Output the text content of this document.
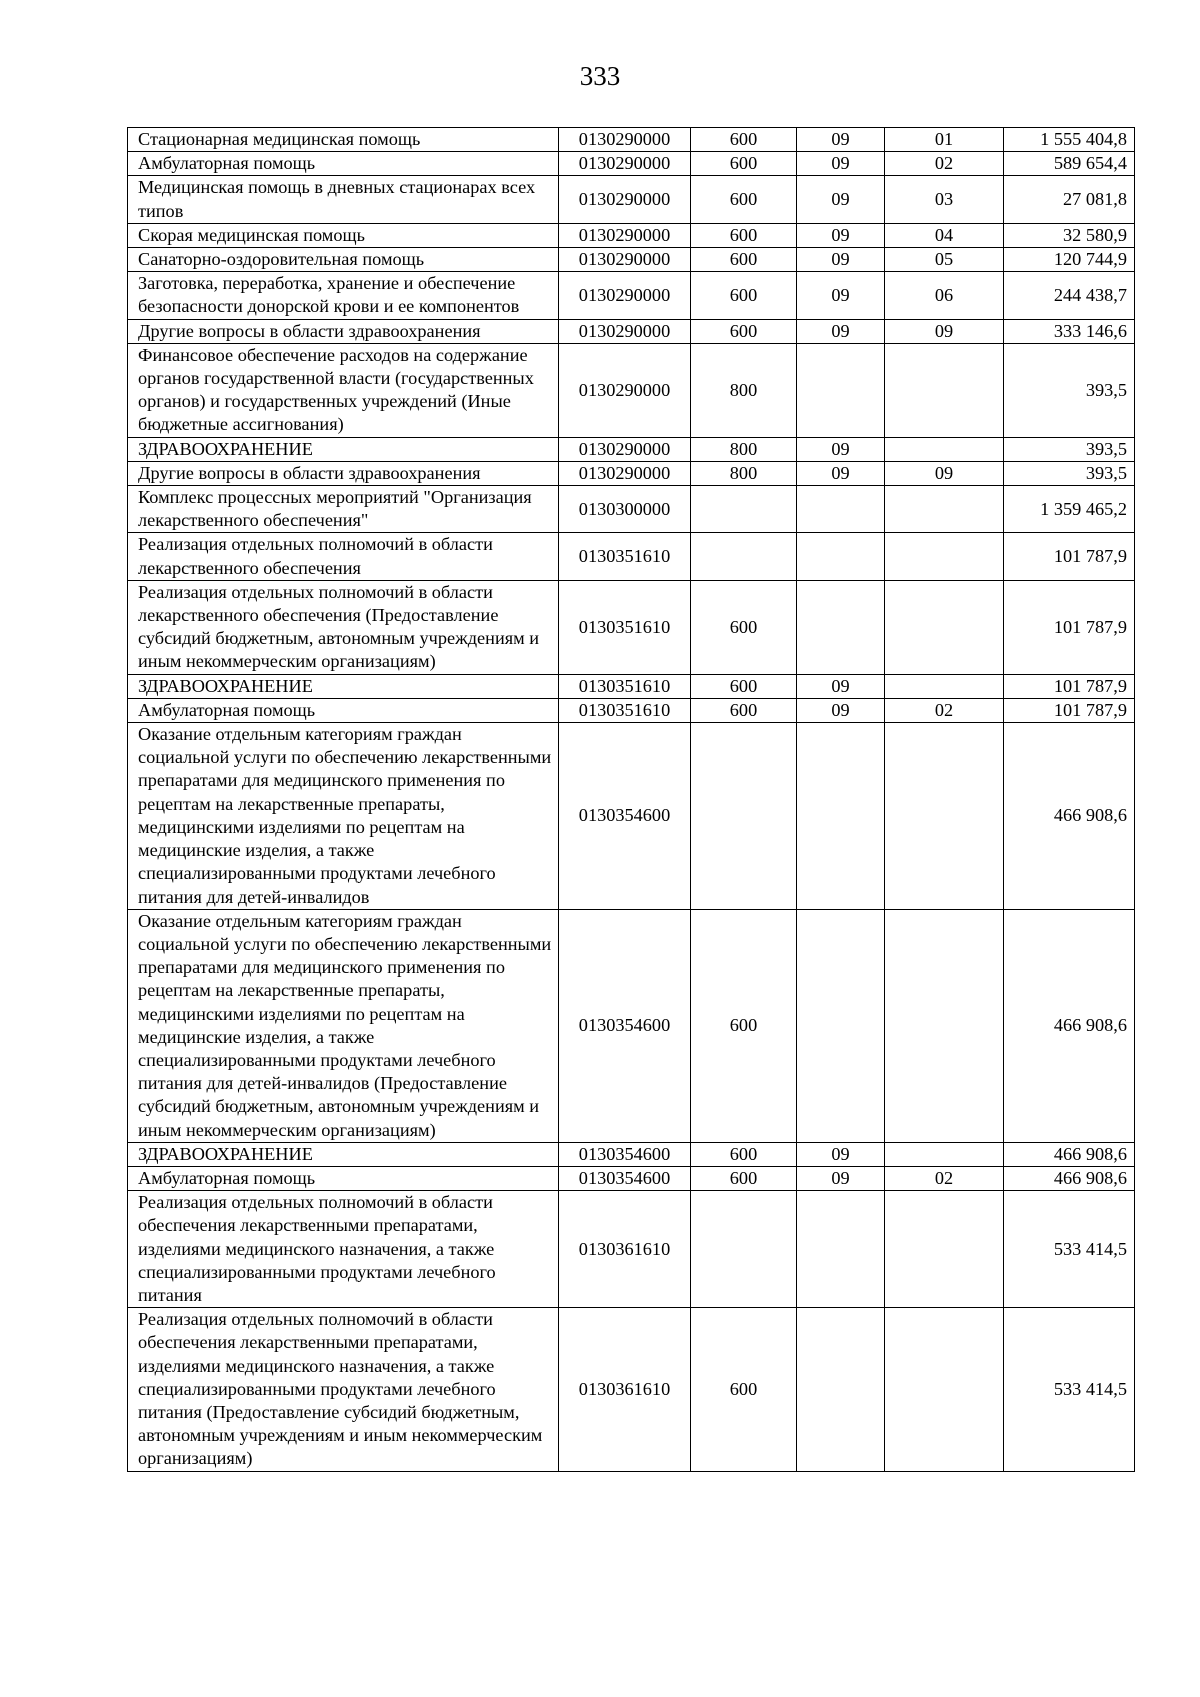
333
Стационарная медицинская помощь	0130290000	600	09	01	1 555 404,8
Амбулаторная помощь	0130290000	600	09	02	589 654,4
Медицинская помощь в дневных стационарах всех типов	0130290000	600	09	03	27 081,8
Скорая медицинская помощь	0130290000	600	09	04	32 580,9
Санаторно-оздоровительная помощь	0130290000	600	09	05	120 744,9
Заготовка, переработка, хранение и обеспечение безопасности донорской крови и ее компонентов	0130290000	600	09	06	244 438,7
Другие вопросы в области здравоохранения	0130290000	600	09	09	333 146,6
Финансовое обеспечение расходов на содержание органов государственной власти (государственных органов) и государственных учреждений (Иные бюджетные ассигнования)	0130290000	800			393,5
ЗДРАВООХРАНЕНИЕ	0130290000	800	09		393,5
Другие вопросы в области здравоохранения	0130290000	800	09	09	393,5
Комплекс процессных мероприятий "Организация лекарственного обеспечения"	0130300000				1 359 465,2
Реализация отдельных полномочий в области лекарственного обеспечения	0130351610				101 787,9
Реализация отдельных полномочий в области лекарственного обеспечения (Предоставление субсидий бюджетным, автономным учреждениям и иным некоммерческим организациям)	0130351610	600			101 787,9
ЗДРАВООХРАНЕНИЕ	0130351610	600	09		101 787,9
Амбулаторная помощь	0130351610	600	09	02	101 787,9
Оказание отдельным категориям граждан социальной услуги по обеспечению лекарственными препаратами для медицинского применения по рецептам на лекарственные препараты, медицинскими изделиями по рецептам на медицинские изделия, а также специализированными продуктами лечебного питания для детей-инвалидов	0130354600				466 908,6
Оказание отдельным категориям граждан социальной услуги по обеспечению лекарственными препаратами для медицинского применения по рецептам на лекарственные препараты, медицинскими изделиями по рецептам на медицинские изделия, а также специализированными продуктами лечебного питания для детей-инвалидов (Предоставление субсидий бюджетным, автономным учреждениям и иным некоммерческим организациям)	0130354600	600			466 908,6
ЗДРАВООХРАНЕНИЕ	0130354600	600	09		466 908,6
Амбулаторная помощь	0130354600	600	09	02	466 908,6
Реализация отдельных полномочий в области обеспечения лекарственными препаратами, изделиями медицинского назначения, а также специализированными продуктами лечебного питания	0130361610				533 414,5
Реализация отдельных полномочий в области обеспечения лекарственными препаратами, изделиями медицинского назначения, а также специализированными продуктами лечебного питания (Предоставление субсидий бюджетным, автономным учреждениям и иным некоммерческим организациям)	0130361610	600			533 414,5
